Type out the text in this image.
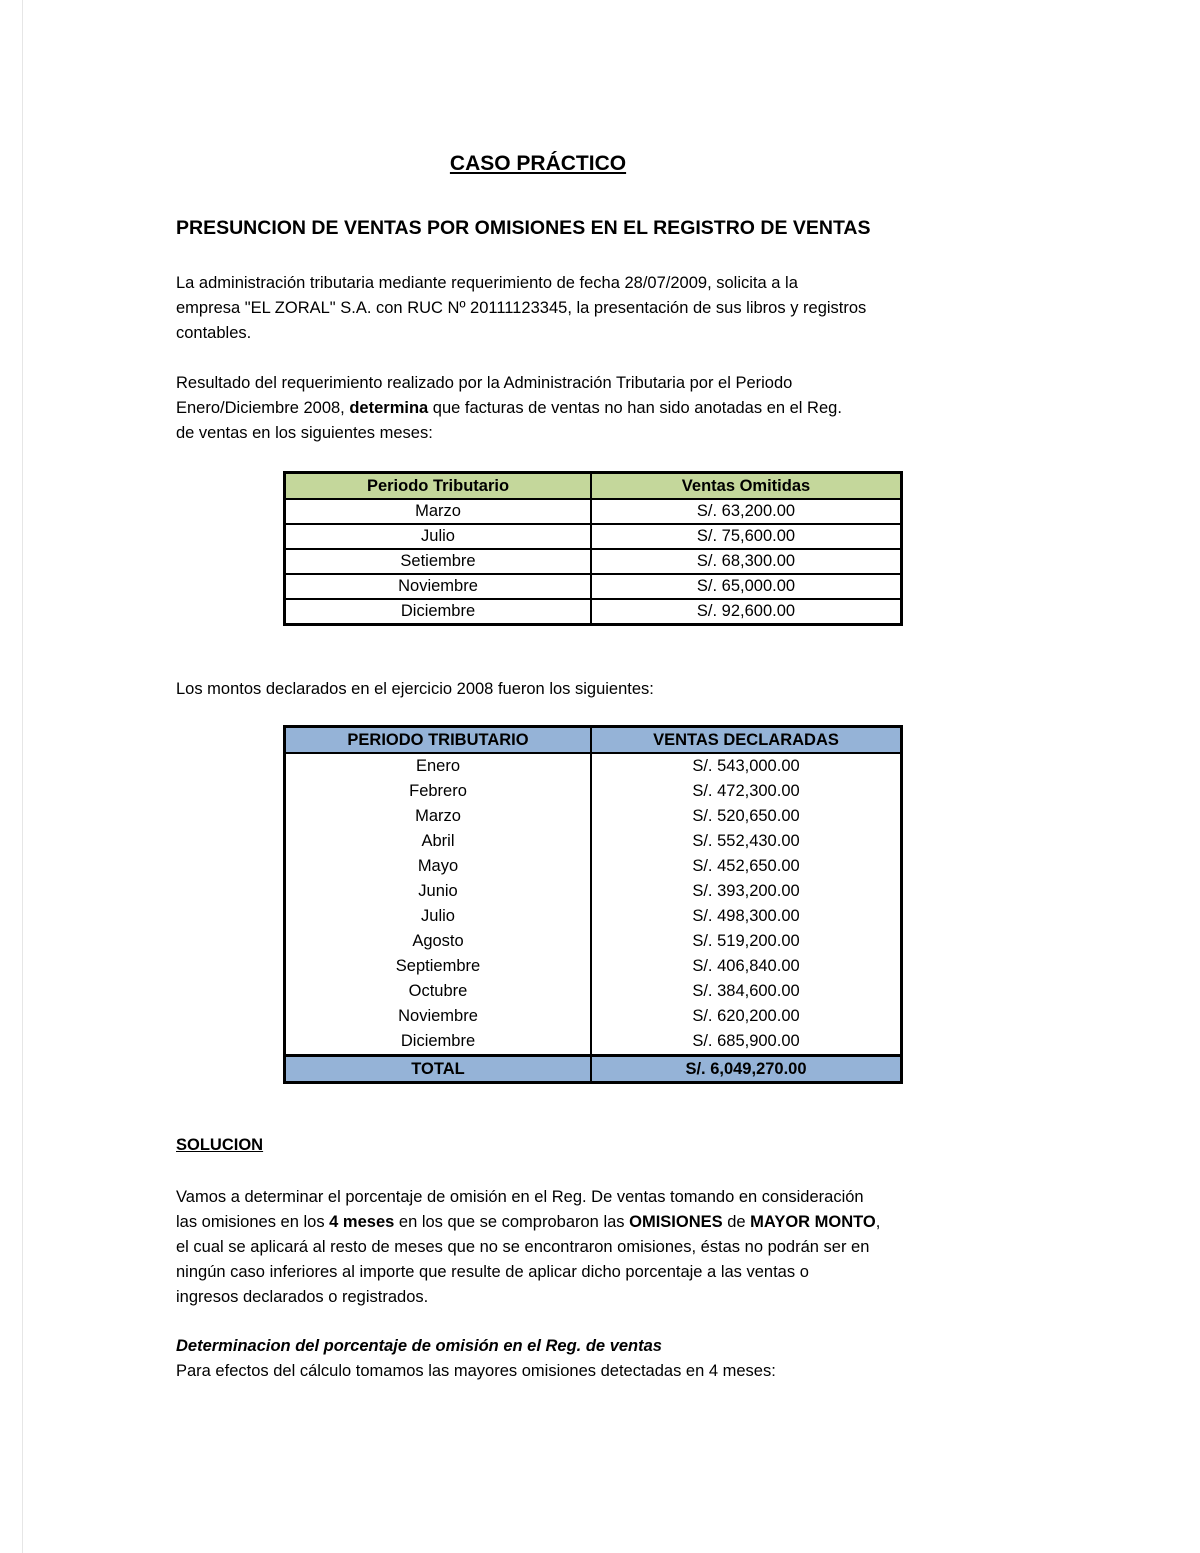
CASO PRÁCTICO
PRESUNCION DE VENTAS POR OMISIONES EN EL REGISTRO DE VENTAS
La administración tributaria mediante requerimiento de fecha 28/07/2009, solicita a la
empresa "EL ZORAL" S.A. con RUC Nº 20111123345, la presentación de sus libros y registros
contables.
Resultado del requerimiento realizado por la Administración Tributaria por el Periodo
Enero/Diciembre 2008, determina que facturas de ventas no han sido anotadas en el Reg.
de ventas en los siguientes meses:
Periodo Tributario	Ventas Omitidas
Marzo	S/. 63,200.00
Julio	S/. 75,600.00
Setiembre	S/. 68,300.00
Noviembre	S/. 65,000.00
Diciembre	S/. 92,600.00
Los montos declarados en el ejercicio 2008 fueron los siguientes:
PERIODO TRIBUTARIO	VENTAS DECLARADAS
Enero	S/. 543,000.00
Febrero	S/. 472,300.00
Marzo	S/. 520,650.00
Abril	S/. 552,430.00
Mayo	S/. 452,650.00
Junio	S/. 393,200.00
Julio	S/. 498,300.00
Agosto	S/. 519,200.00
Septiembre	S/. 406,840.00
Octubre	S/. 384,600.00
Noviembre	S/. 620,200.00
Diciembre	S/. 685,900.00
TOTAL	S/. 6,049,270.00
SOLUCION
Vamos a determinar el porcentaje de omisión en el Reg. De ventas tomando en consideración
las omisiones en los 4 meses en los que se comprobaron las OMISIONES de MAYOR MONTO,
el cual se aplicará al resto de meses que no se encontraron omisiones, éstas no podrán ser en
ningún caso inferiores al importe que resulte de aplicar dicho porcentaje a las ventas o
ingresos declarados o registrados.
Determinacion del porcentaje de omisión en el Reg. de ventas
Para efectos del cálculo tomamos las mayores omisiones detectadas en 4 meses:
